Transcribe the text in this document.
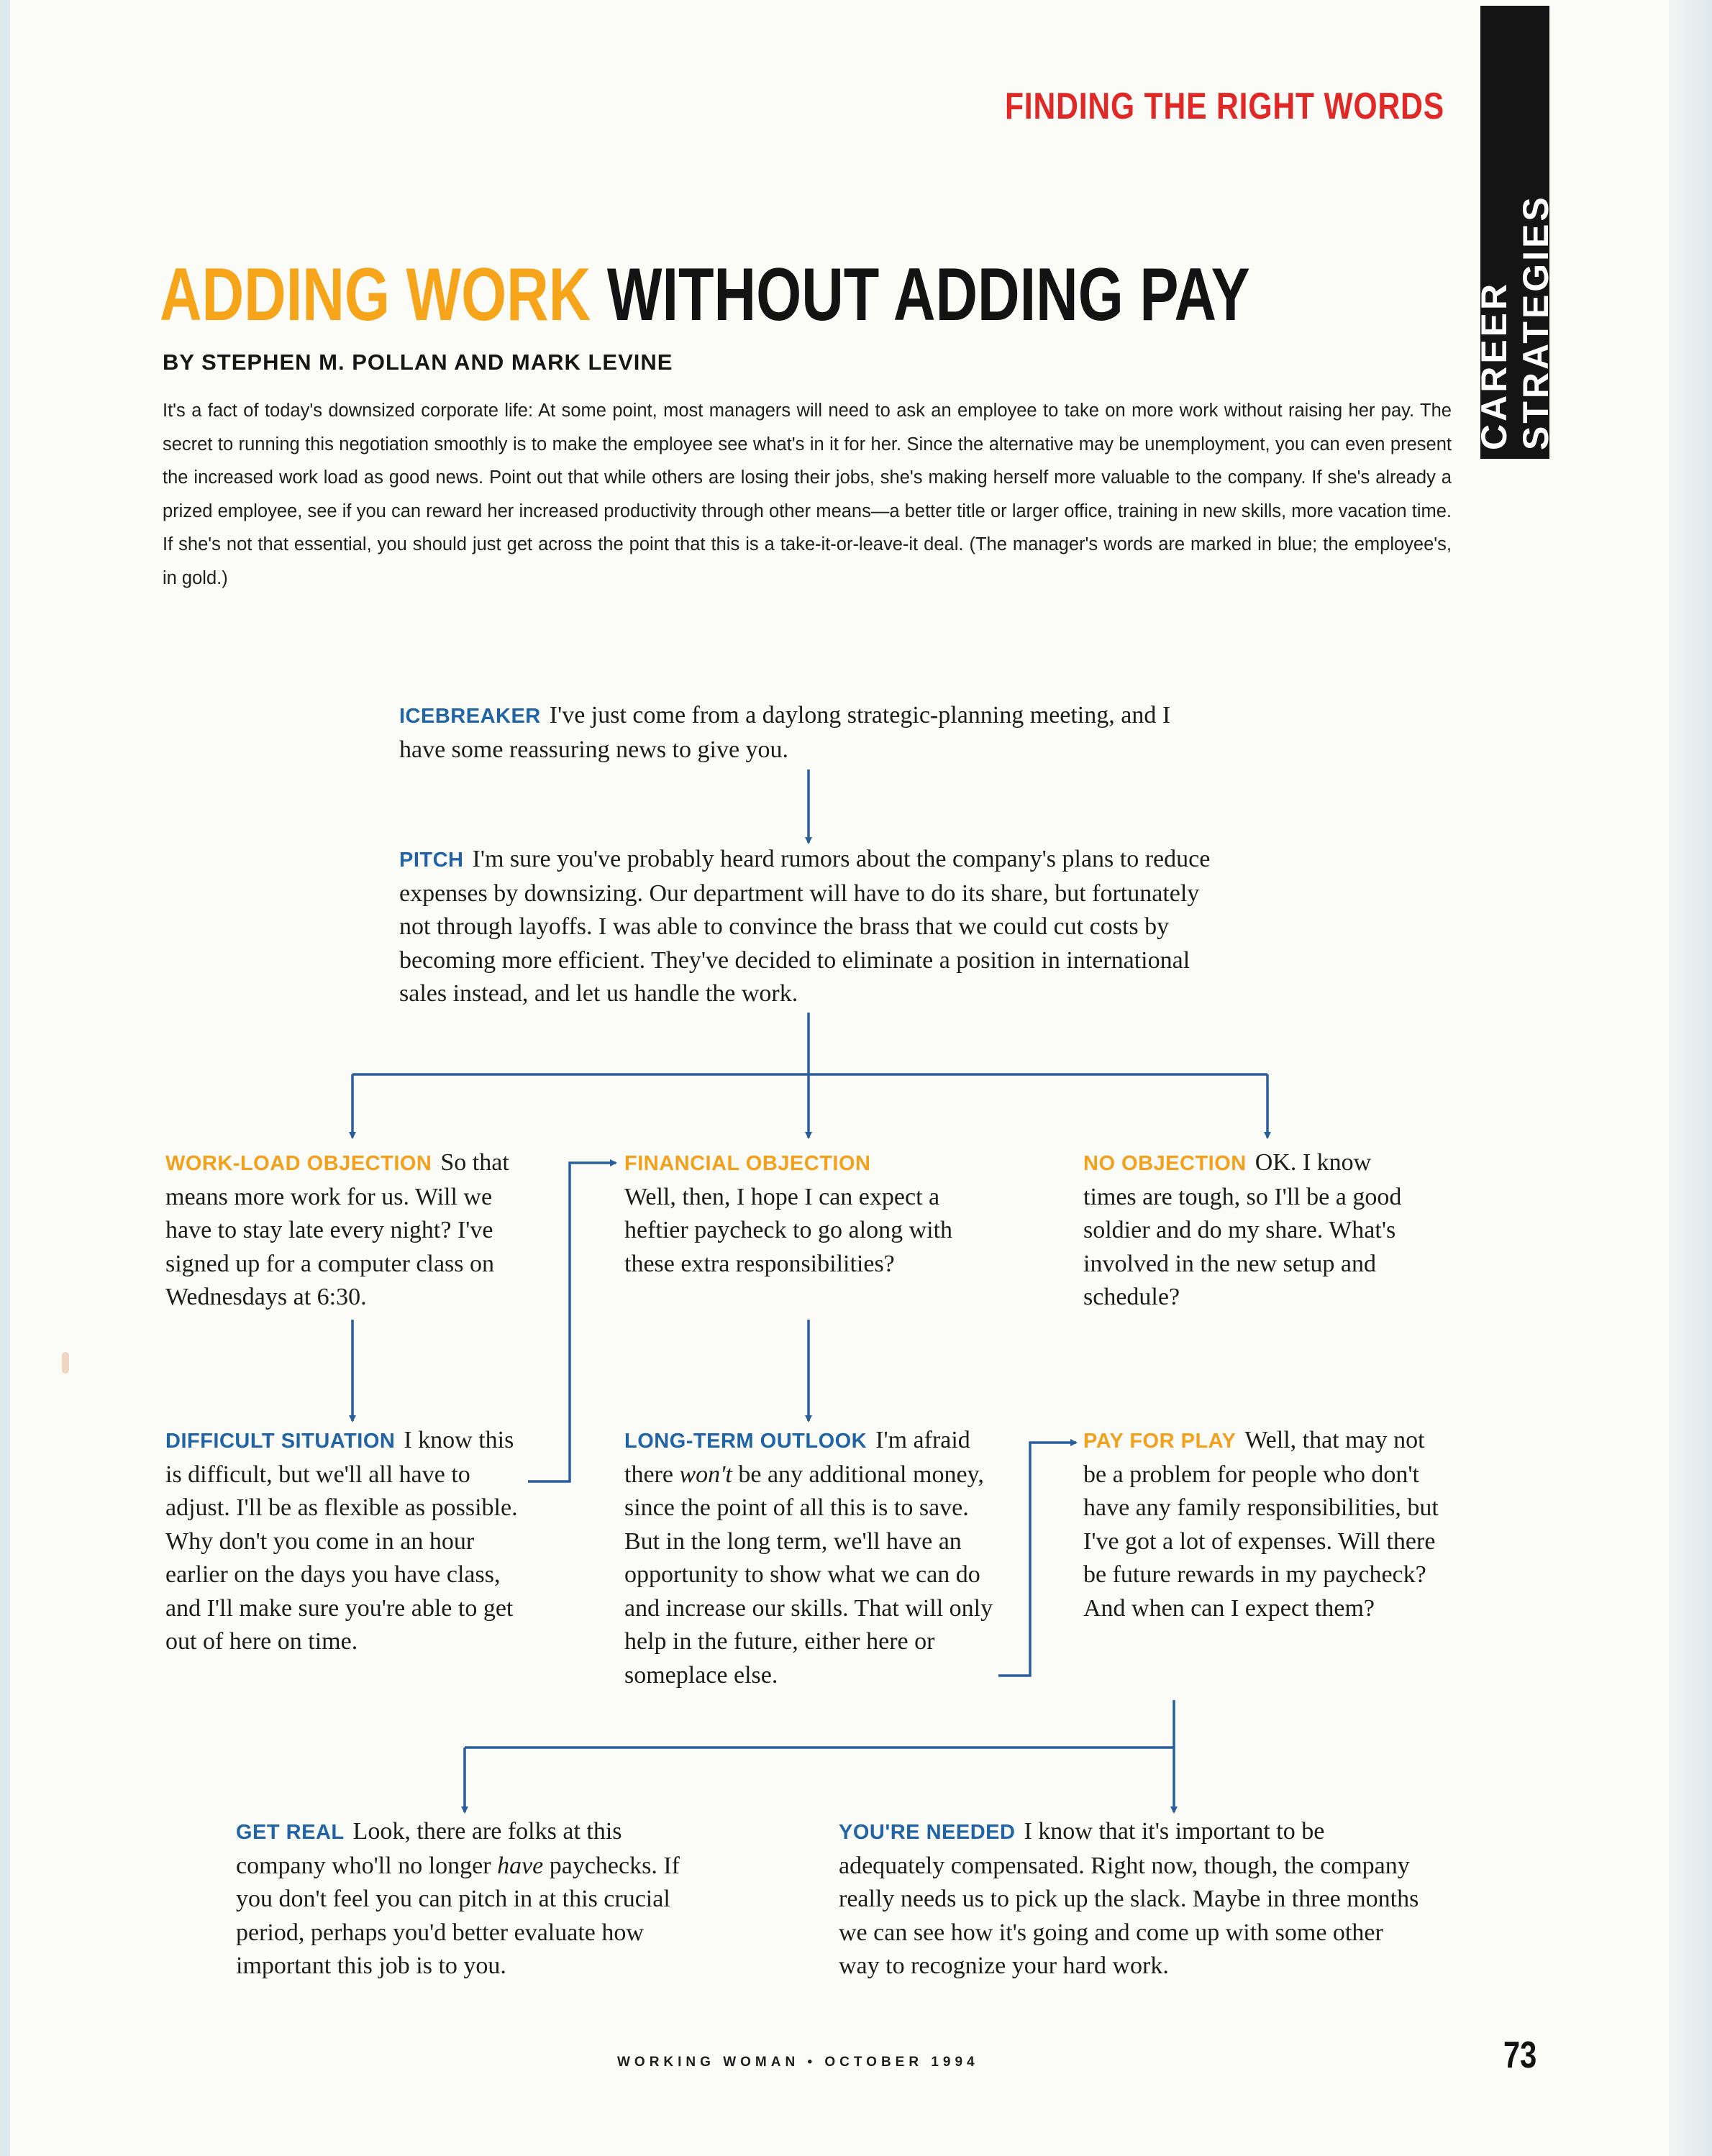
CAREER STRATEGIES
FINDING THE RIGHT WORDS
ADDING WORK WITHOUT ADDING PAY
BY STEPHEN M. POLLAN AND MARK LEVINE
It's a fact of today's downsized corporate life: At some point, most managers will need to ask an employee to take on more work without raising her pay. The secret to running this negotiation smoothly is to make the employee see what's in it for her. Since the alternative may be unemployment, you can even present the increased work load as good news. Point out that while others are losing their jobs, she's making herself more valuable to the company. If she's already a prized employee, see if you can reward her increased productivity through other means—a better title or larger office, training in new skills, more vacation time. If she's not that essential, you should just get across the point that this is a take-it-or-leave-it deal. (The manager's words are marked in blue; the employee's, in gold.)
ICEBREAKER I've just come from a daylong strategic-planning meeting, and I have some reassuring news to give you.
PITCH I'm sure you've probably heard rumors about the company's plans to reduce expenses by downsizing. Our department will have to do its share, but fortunately not through layoffs. I was able to convince the brass that we could cut costs by becoming more efficient. They've decided to eliminate a position in international sales instead, and let us handle the work.
WORK-LOAD OBJECTION So that means more work for us. Will we have to stay late every night? I've signed up for a computer class on Wednesdays at 6:30.
FINANCIAL OBJECTION
Well, then, I hope I can expect a heftier paycheck to go along with these extra responsibilities?
NO OBJECTION OK. I know times are tough, so I'll be a good soldier and do my share. What's involved in the new setup and schedule?
DIFFICULT SITUATION I know this is difficult, but we'll all have to adjust. I'll be as flexible as possible. Why don't you come in an hour earlier on the days you have class, and I'll make sure you're able to get out of here on time.
LONG-TERM OUTLOOK I'm afraid there won't be any additional money, since the point of all this is to save. But in the long term, we'll have an opportunity to show what we can do and increase our skills. That will only help in the future, either here or someplace else.
PAY FOR PLAY Well, that may not be a problem for people who don't have any family responsibilities, but I've got a lot of expenses. Will there be future rewards in my paycheck? And when can I expect them?
GET REAL Look, there are folks at this company who'll no longer have paychecks. If you don't feel you can pitch in at this crucial period, perhaps you'd better evaluate how important this job is to you.
YOU'RE NEEDED I know that it's important to be adequately compensated. Right now, though, the company really needs us to pick up the slack. Maybe in three months we can see how it's going and come up with some other way to recognize your hard work.
WORKING WOMAN • OCTOBER 1994	73
